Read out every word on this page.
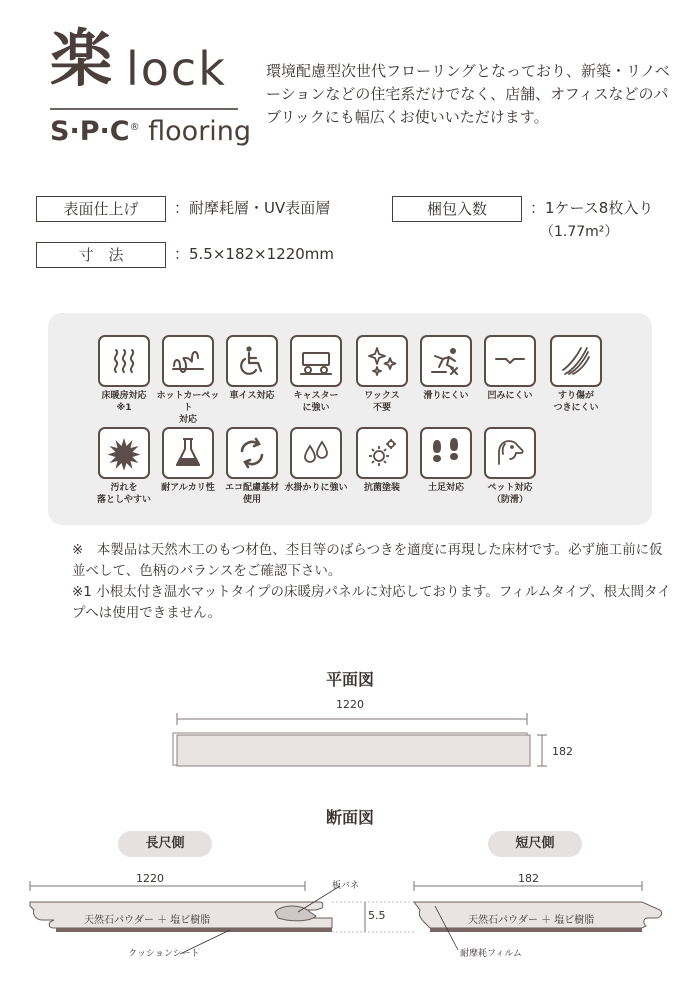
楽 lock
S·P·C® flooring
環境配慮型次世代フローリングとなっており、新築・リノベーションなどの住宅系だけでなく、店舗、オフィスなどのパブリックにも幅広くお使いいただけます。
表面仕上げ	：耐摩耗層・UV表面層	梱包入数	：1ケース8枚入り
（1.77m²）
寸　法	：5.5×182×1220mm
床暖房対応
※1
ホットカーペット
対応
車イス対応	キャスター
に強い
ワックス
不要
滑りにくい	凹みにくい	すり傷が
つきにくい
汚れを
落としやすい
耐アルカリ性	エコ配慮基材
使用
水掛かりに強い	抗菌塗装	土足対応	ペット対応
（防滑）
※　本製品は天然木工のもつ材色、杢目等のばらつきを適度に再現した床材です。必ず施工前に仮並べして、色柄のバランスをご確認下さい。
※1 小根太付き温水マットタイプの床暖房パネルに対応しております。フィルムタイプ、根太間タイプへは使用できません。
平面図
1220
182
断面図
長尺側	短尺側
1220	182
5.5
天然石パウダー ＋ 塩ビ樹脂	天然石パウダー ＋ 塩ビ樹脂
板バネ
クッションシート	耐摩耗フィルム
